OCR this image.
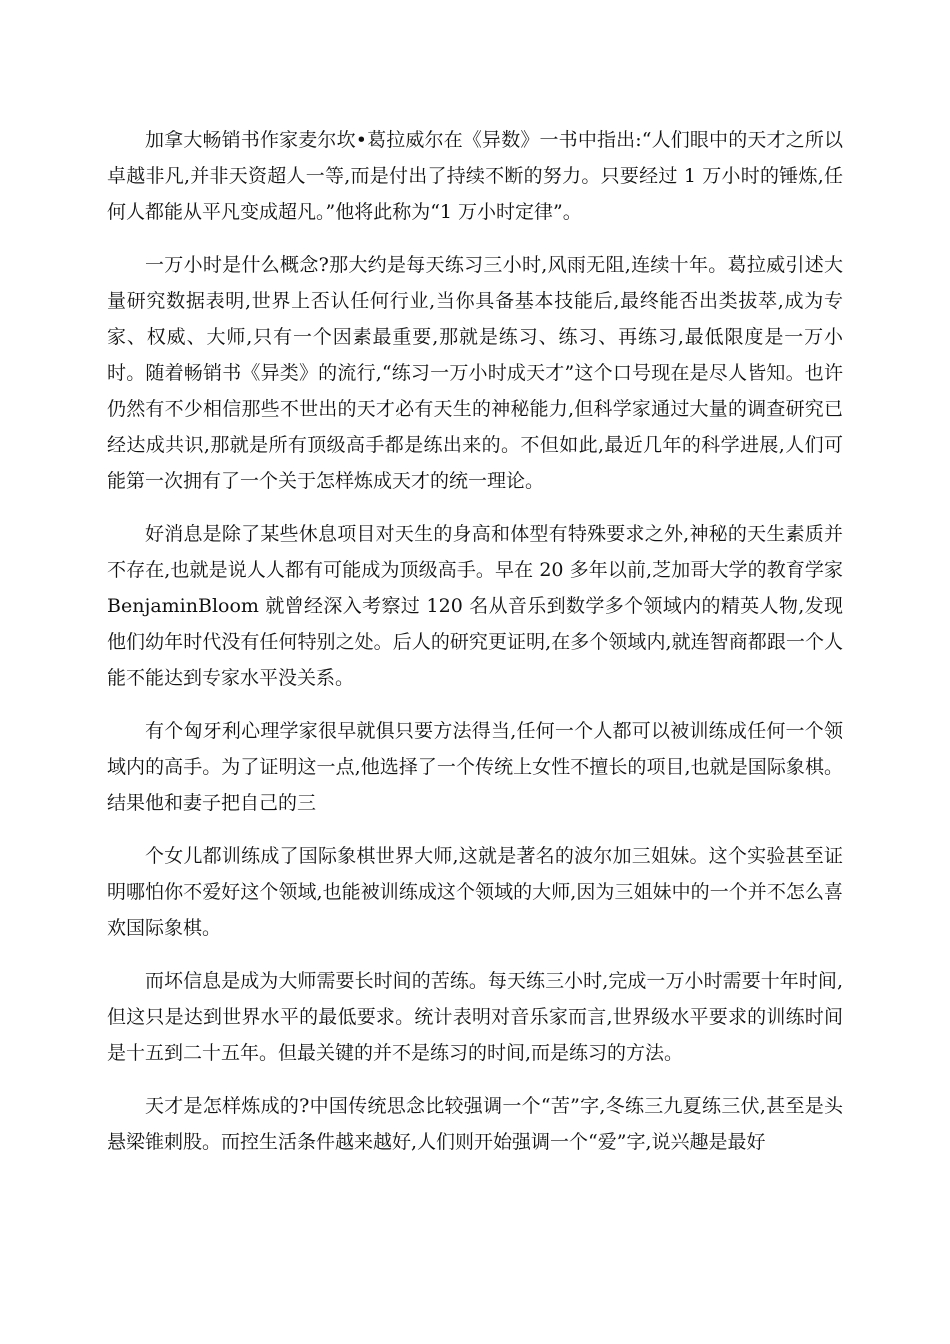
加拿大畅销书作家麦尔坎•葛拉威尔在《异数》一书中指出:“人们眼中的天才之所以卓越非凡,并非天资超人一等,而是付出了持续不断的努力。只要经过 1 万小时的锤炼,任何人都能从平凡变成超凡。”他将此称为“1 万小时定律”。

一万小时是什么概念?那大约是每天练习三小时,风雨无阻,连续十年。葛拉威引述大量研究数据表明,世界上否认任何行业,当你具备基本技能后,最终能否出类拔萃,成为专家、权威、大师,只有一个因素最重要,那就是练习、练习、再练习,最低限度是一万小时。随着畅销书《异类》的流行,“练习一万小时成天才”这个口号现在是尽人皆知。也许仍然有不少相信那些不世出的天才必有天生的神秘能力,但科学家通过大量的调查研究已经达成共识,那就是所有顶级高手都是练出来的。不但如此,最近几年的科学进展,人们可能第一次拥有了一个关于怎样炼成天才的统一理论。

好消息是除了某些休息项目对天生的身高和体型有特殊要求之外,神秘的天生素质并不存在,也就是说人人都有可能成为顶级高手。早在 20 多年以前,芝加哥大学的教育学家 BenjaminBloom 就曾经深入考察过 120 名从音乐到数学多个领域内的精英人物,发现他们幼年时代没有任何特别之处。后人的研究更证明,在多个领域内,就连智商都跟一个人能不能达到专家水平没关系。

有个匈牙利心理学家很早就俱只要方法得当,任何一个人都可以被训练成任何一个领域内的高手。为了证明这一点,他选择了一个传统上女性不擅长的项目,也就是国际象棋。结果他和妻子把自己的三

个女儿都训练成了国际象棋世界大师,这就是著名的波尔加三姐妹。这个实验甚至证明哪怕你不爱好这个领域,也能被训练成这个领域的大师,因为三姐妹中的一个并不怎么喜欢国际象棋。

而坏信息是成为大师需要长时间的苦练。每天练三小时,完成一万小时需要十年时间,但这只是达到世界水平的最低要求。统计表明对音乐家而言,世界级水平要求的训练时间是十五到二十五年。但最关键的并不是练习的时间,而是练习的方法。

天才是怎样炼成的?中国传统思念比较强调一个“苦”字,冬练三九夏练三伏,甚至是头悬梁锥刺股。而控生活条件越来越好,人们则开始强调一个“爱”字,说兴趣是最好
